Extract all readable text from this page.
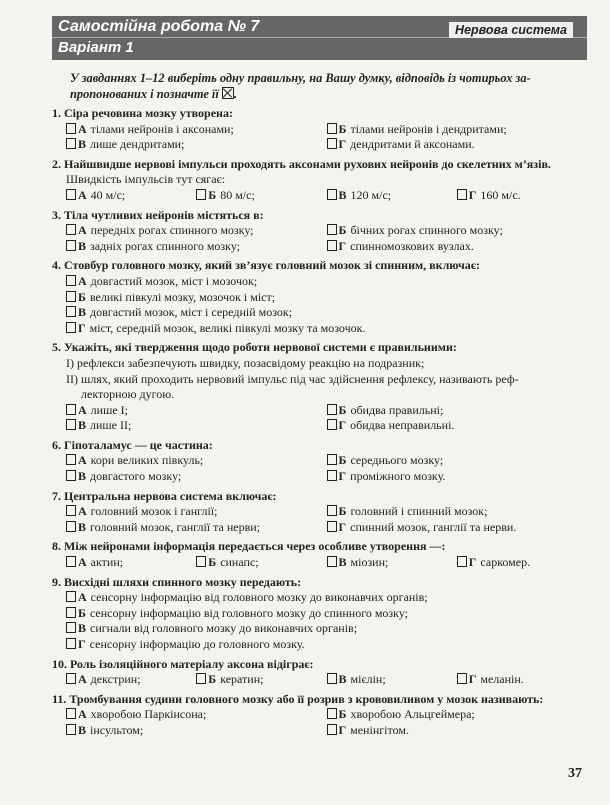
Самостійна робота № 7
Варіант 1
Нервова система
У завданнях 1–12 виберіть одну правильну, на Вашу думку, відповідь із чотирьох за-
пропонованих і позначте її .
1. Сіра речовина мозку утворена:
А тілами нейронів і аксонами;	Б тілами нейронів і дендритами;
В лише дендритами;	Г дендритами й аксонами.
2. Найшвидше нервові імпульси проходять аксонами рухових нейронів до скелетних м’язів.
Швидкість імпульсів тут сягає:
А 40 м/с;	Б 80 м/с;	В 120 м/с;	Г 160 м/с.
3. Тіла чутливих нейронів містяться в:
А передніх рогах спинного мозку;	Б бічних рогах спинного мозку;
В задніх рогах спинного мозку;	Г спинномозкових вузлах.
4. Стовбур головного мозку, який зв’язує головний мозок зі спинним, включає:
А довгастий мозок, міст і мозочок;
Б великі півкулі мозку, мозочок і міст;
В довгастий мозок, міст і середній мозок;
Г міст, середній мозок, великі півкулі мозку та мозочок.
5. Укажіть, які твердження щодо роботи нервової системи є правильними:
І) рефлекси забезпечують швидку, позасвідому реакцію на подразник;
ІІ) шлях, який проходить нервовий імпульс під час здійснення рефлексу, називають реф-
лекторною дугою.
А лише І;	Б обидва правильні;
В лише ІІ;	Г обидва неправильні.
6. Гіпоталамус — це частина:
А кори великих півкуль;	Б середнього мозку;
В довгастого мозку;	Г проміжного мозку.
7. Центральна нервова система включає:
А головний мозок і ганглії;	Б головний і спинний мозок;
В головний мозок, ганглії та нерви;	Г спинний мозок, ганглії та нерви.
8. Між нейронами інформація передається через особливе утворення —:
А актин;	Б синапс;	В міозин;	Г саркомер.
9. Висхідні шляхи спинного мозку передають:
А сенсорну інформацію від головного мозку до виконавчих органів;
Б сенсорну інформацію від головного мозку до спинного мозку;
В сигнали від головного мозку до виконавчих органів;
Г сенсорну інформацію до головного мозку.
10. Роль ізоляційного матеріалу аксона відіграє:
А декстрин;	Б кератин;	В мієлін;	Г меланін.
11. Тромбування судини головного мозку або її розрив з крововиливом у мозок називають:
А хворобою Паркінсона;	Б хворобою Альцгеймера;
В інсультом;	Г менінгітом.
37
